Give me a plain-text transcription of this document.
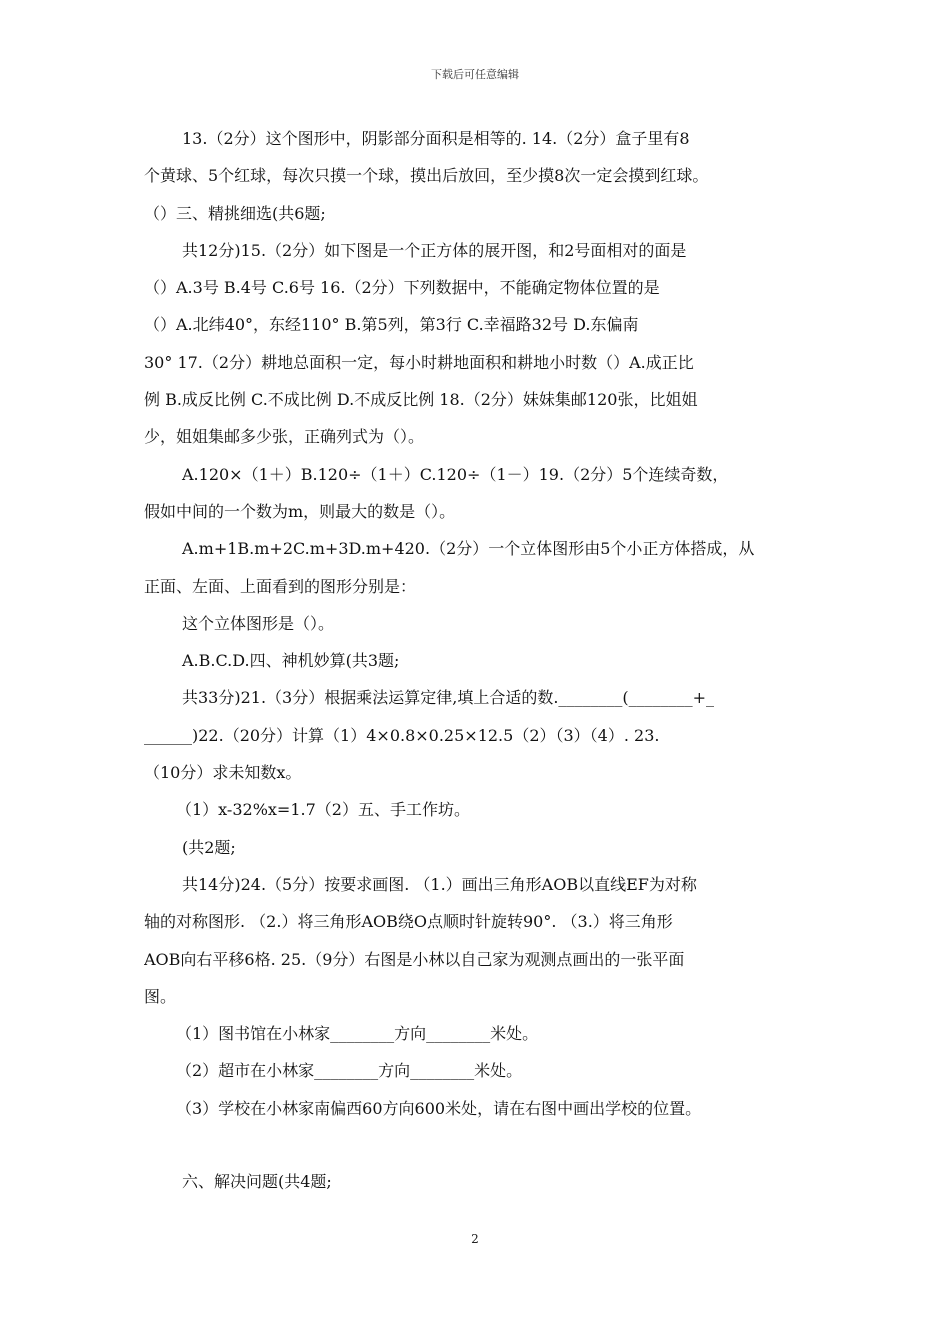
下载后可任意编辑
13.（2分）这个图形中，阴影部分面积是相等的. 14.（2分）盒子里有8
个黄球、5个红球，每次只摸一个球，摸出后放回，至少摸8次一定会摸到红球。
（）三、精挑细选(共6题;
共12分)15.（2分）如下图是一个正方体的展开图，和2号面相对的面是
（）A.3号 B.4号 C.6号 16.（2分）下列数据中，不能确定物体位置的是
（）A.北纬40°，东经110° B.第5列，第3行 C.幸福路32号 D.东偏南
30° 17.（2分）耕地总面积一定，每小时耕地面积和耕地小时数（）A.成正比
例 B.成反比例 C.不成比例 D.不成反比例 18.（2分）妹妹集邮120张，比姐姐
少，姐姐集邮多少张，正确列式为（）。
A.120×（1＋）B.120÷（1＋）C.120÷（1－）19.（2分）5个连续奇数，
假如中间的一个数为m，则最大的数是（）。
A.m+1B.m+2C.m+3D.m+420.（2分）一个立体图形由5个小正方体搭成，从
正面、左面、上面看到的图形分别是：
这个立体图形是（）。
A.B.C.D.四、神机妙算(共3题;
共33分)21.（3分）根据乘法运算定律,填上合适的数.________(________+_
______)22.（20分）计算（1）4×0.8×0.25×12.5（2）（3）（4）. 23.
（10分）求未知数x。
（1）x-32%x=1.7（2）五、手工作坊。
(共2题;
共14分)24.（5分）按要求画图. （1.）画出三角形AOB以直线EF为对称
轴的对称图形. （2.）将三角形AOB绕O点顺时针旋转90°. （3.）将三角形
AOB向右平移6格. 25.（9分）右图是小林以自己家为观测点画出的一张平面
图。
（1）图书馆在小林家________方向________米处。
（2）超市在小林家________方向________米处。
（3）学校在小林家南偏西60方向600米处，请在右图中画出学校的位置。
六、解决问题(共4题;
2
